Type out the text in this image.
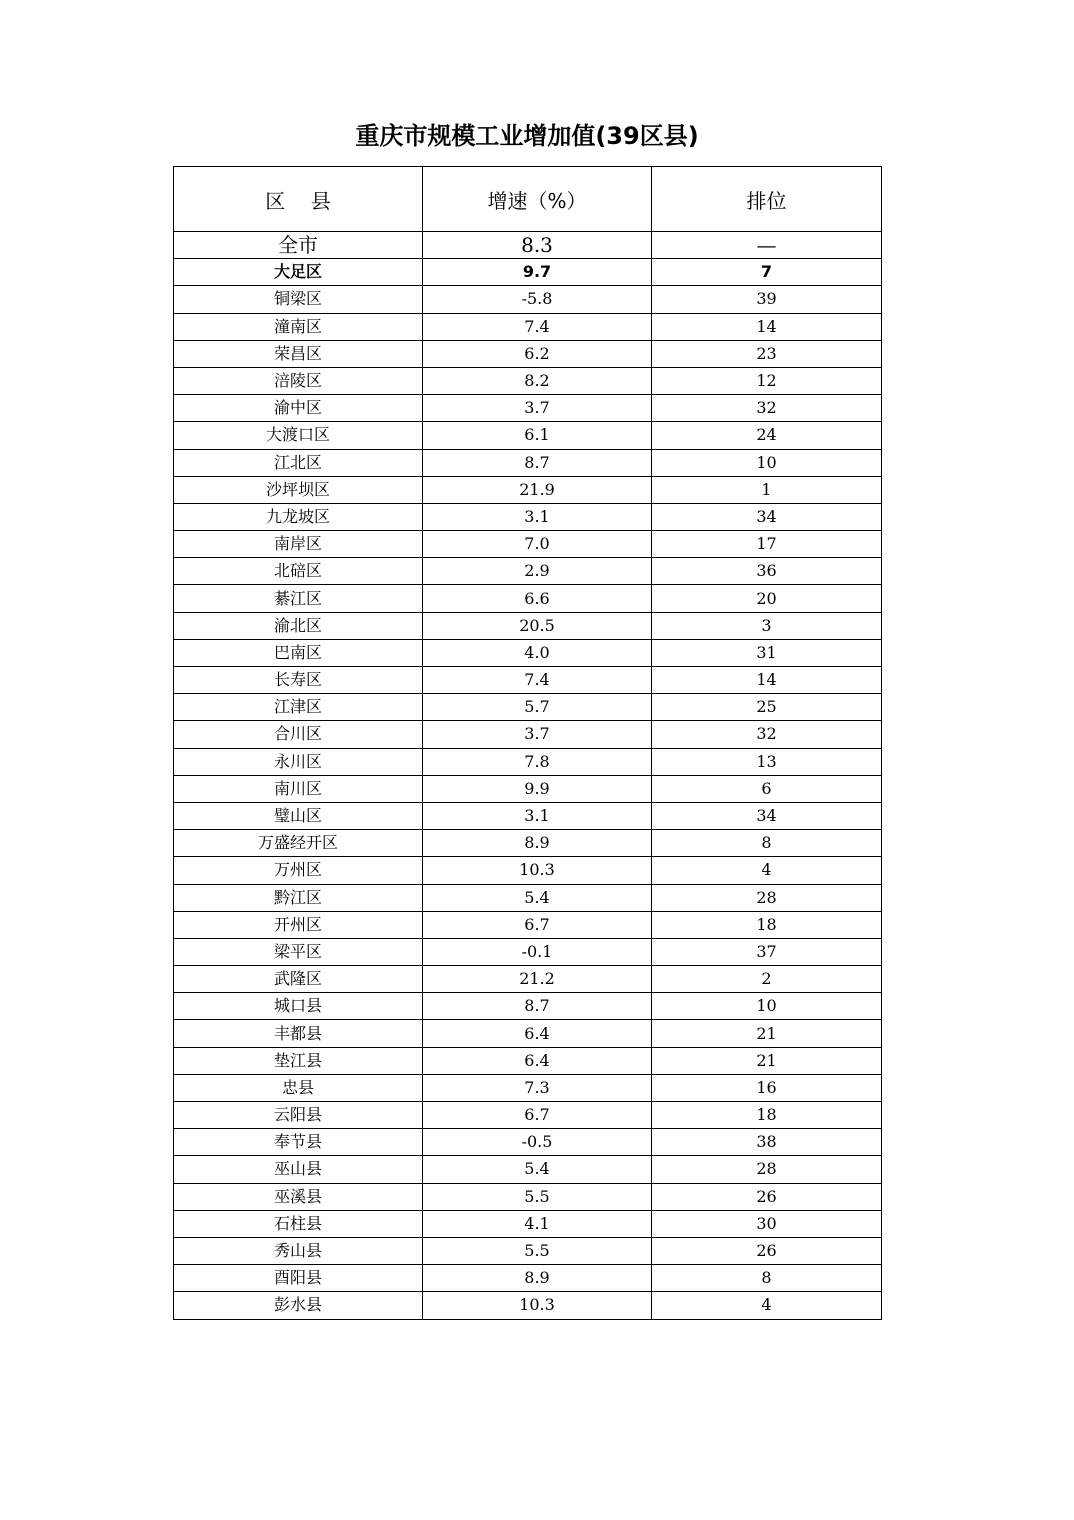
重庆市规模工业增加值(39区县)
区    县	增速（%）	排位
全市	8.3	—
大足区	9.7	7
铜梁区	-5.8	39
潼南区	7.4	14
荣昌区	6.2	23
涪陵区	8.2	12
渝中区	3.7	32
大渡口区	6.1	24
江北区	8.7	10
沙坪坝区	21.9	1
九龙坡区	3.1	34
南岸区	7.0	17
北碚区	2.9	36
綦江区	6.6	20
渝北区	20.5	3
巴南区	4.0	31
长寿区	7.4	14
江津区	5.7	25
合川区	3.7	32
永川区	7.8	13
南川区	9.9	6
璧山区	3.1	34
万盛经开区	8.9	8
万州区	10.3	4
黔江区	5.4	28
开州区	6.7	18
梁平区	-0.1	37
武隆区	21.2	2
城口县	8.7	10
丰都县	6.4	21
垫江县	6.4	21
忠县	7.3	16
云阳县	6.7	18
奉节县	-0.5	38
巫山县	5.4	28
巫溪县	5.5	26
石柱县	4.1	30
秀山县	5.5	26
酉阳县	8.9	8
彭水县	10.3	4
